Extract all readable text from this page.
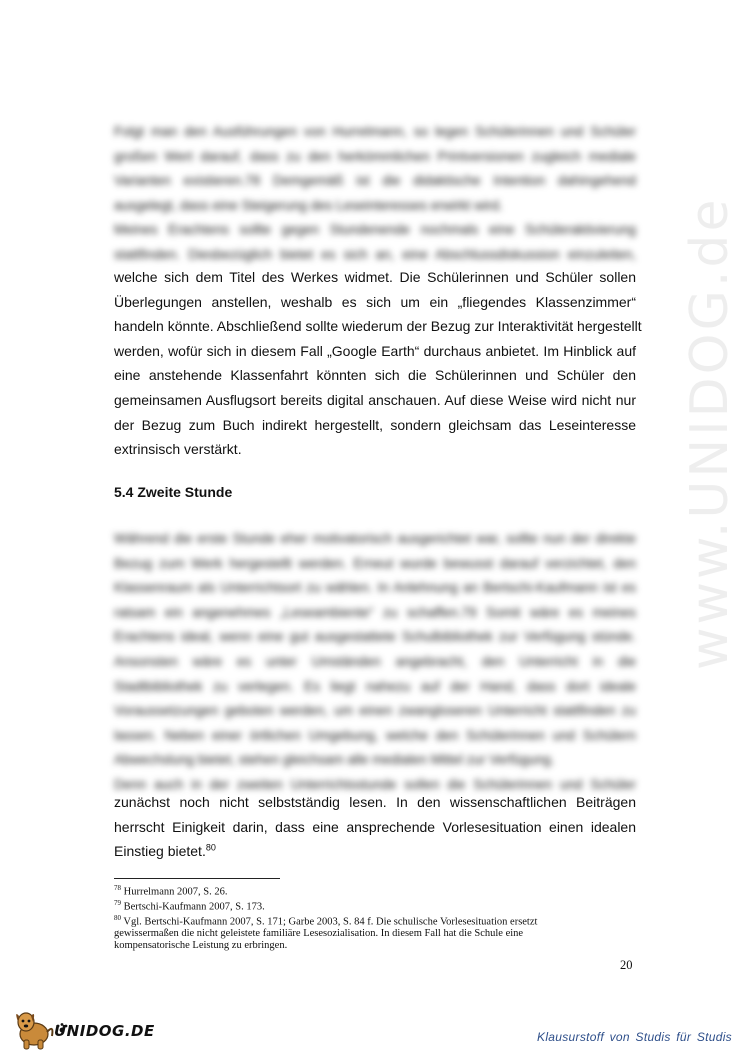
www.UNIDOG.de
Folgt man den Ausführungen von Hurrelmann, so legen Schülerinnen und Schüler
großen Wert darauf, dass zu den herkömmlichen Printversionen zugleich mediale
Varianten existieren.78 Demgemäß ist die didaktische Intention dahingehend
ausgelegt, dass eine Steigerung des Leseinteresses erwirkt wird.
Meines Erachtens sollte gegen Stundenende nochmals eine Schüleraktivierung
stattfinden. Diesbezüglich bietet es sich an, eine Abschlussdiskussion einzuleiten,
welche sich dem Titel des Werkes widmet. Die Schülerinnen und Schüler sollen
Überlegungen anstellen, weshalb es sich um ein „fliegendes Klassenzimmer“
handeln könnte. Abschließend sollte wiederum der Bezug zur Interaktivität hergestellt
werden, wofür sich in diesem Fall „Google Earth“ durchaus anbietet. Im Hinblick auf
eine anstehende Klassenfahrt könnten sich die Schülerinnen und Schüler den
gemeinsamen Ausflugsort bereits digital anschauen. Auf diese Weise wird nicht nur
der Bezug zum Buch indirekt hergestellt, sondern gleichsam das Leseinteresse
extrinsisch verstärkt.
5.4 Zweite Stunde
Während die erste Stunde eher motivatorisch ausgerichtet war, sollte nun der direkte
Bezug zum Werk hergestellt werden. Erneut wurde bewusst darauf verzichtet, den
Klassenraum als Unterrichtsort zu wählen. In Anlehnung an Bertschi-Kaufmann ist es
ratsam ein angenehmes „Leseambiente“ zu schaffen.79 Somit wäre es meines
Erachtens ideal, wenn eine gut ausgestattete Schulbibliothek zur Verfügung stünde.
Ansonsten wäre es unter Umständen angebracht, den Unterricht in die
Stadtbibliothek zu verlegen. Es liegt nahezu auf der Hand, dass dort ideale
Voraussetzungen geboten werden, um einen zwangloseren Unterricht stattfinden zu
lassen. Neben einer örtlichen Umgebung, welche den Schülerinnen und Schülern
Abwechslung bietet, stehen gleichsam alle medialen Mittel zur Verfügung.
Denn auch in der zweiten Unterrichtsstunde sollen die Schülerinnen und Schüler
zunächst noch nicht selbstständig lesen. In den wissenschaftlichen Beiträgen
herrscht Einigkeit darin, dass eine ansprechende Vorlesesituation einen idealen
Einstieg bietet.$^{80}$
$^{78}$ Hurrelmann 2007, S. 26.
$^{79}$ Bertschi-Kaufmann 2007, S. 173.
$^{80}$ Vgl. Bertschi-Kaufmann 2007, S. 171; Garbe 2003, S. 84 f. Die schulische Vorlesesituation ersetzt
gewissermaßen die nicht geleistete familiäre Lesesozialisation. In diesem Fall hat die Schule eine
kompensatorische Leistung zu erbringen.
20
UNIDOG.DE	Klausurstoff von Studis für Studis
